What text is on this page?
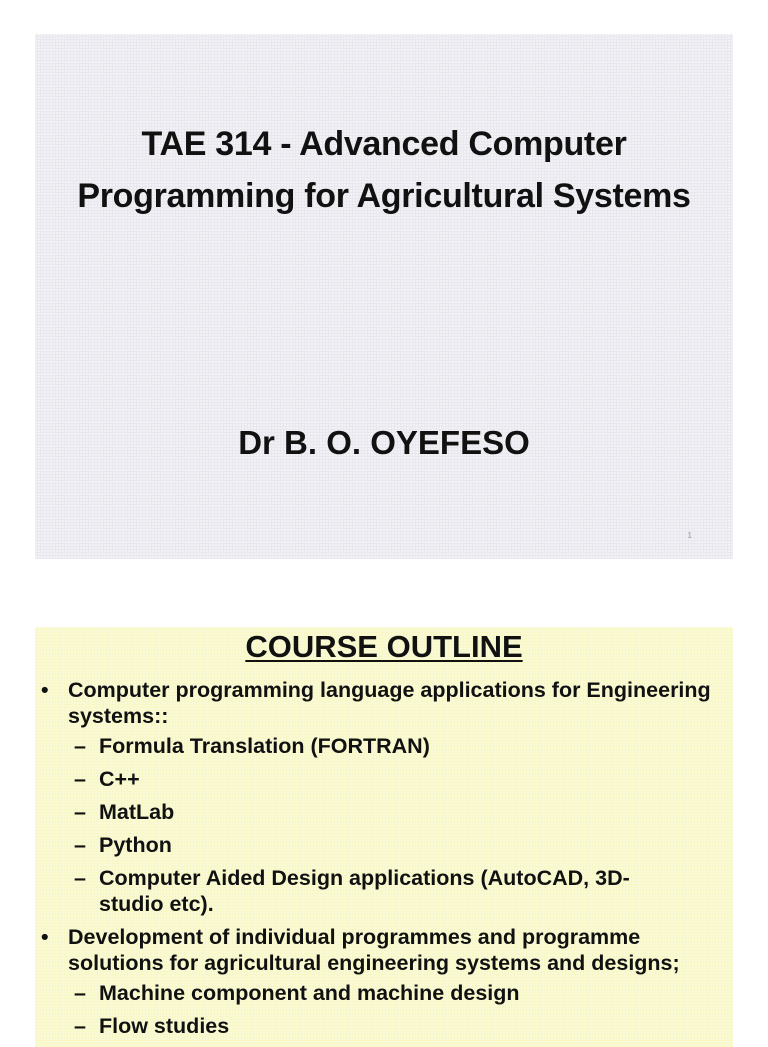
TAE 314 - Advanced Computer
Programming for Agricultural Systems
Dr B. O. OYEFESO
1
COURSE OUTLINE
• Computer programming language applications for Engineering systems::
– Formula Translation (FORTRAN)
– C++
– MatLab
– Python
– Computer Aided Design applications (AutoCAD, 3D-studio etc).
• Development of individual programmes and programme solutions for agricultural engineering systems and designs;
– Machine component and machine design
– Flow studies
